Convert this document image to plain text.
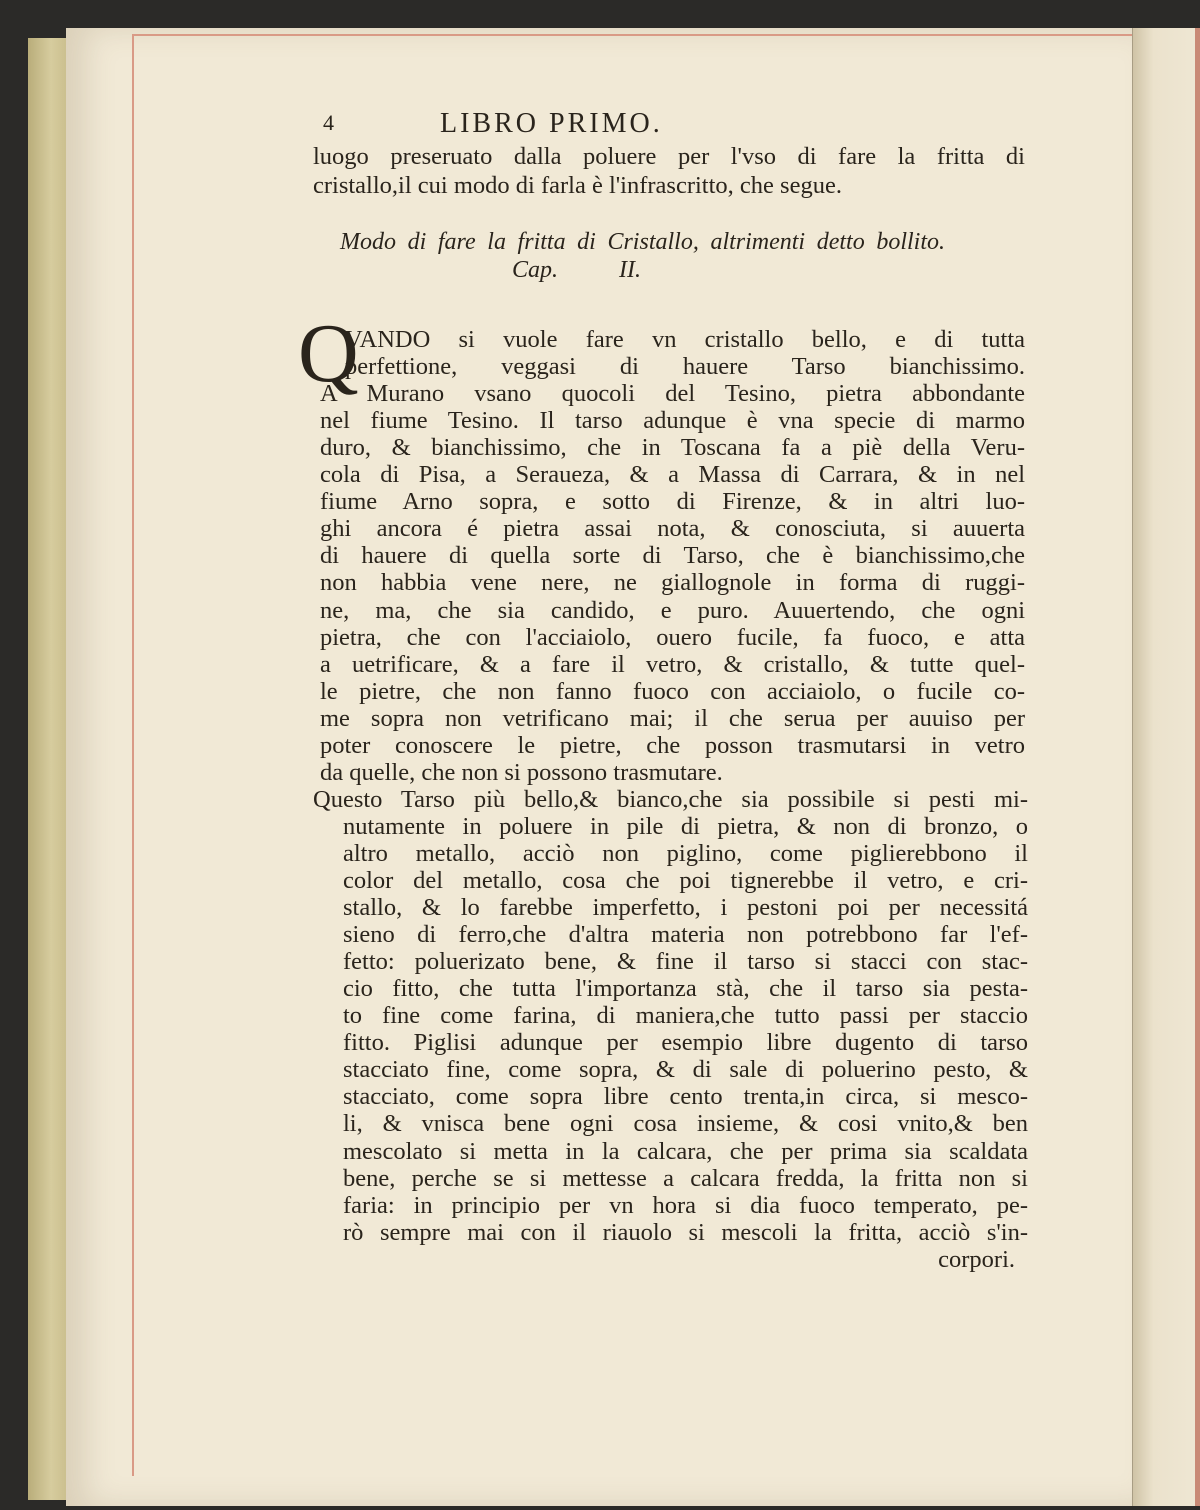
4	LIBRO PRIMO.
luogo preseruato dalla poluere per l'vso di fare la fritta di
cristallo,il cui modo di farla è l'infrascritto, che segue.
VANDO si vuole fare vn cristallo bello, e di tutta
perfettione, veggasi di hauere Tarso bianchissimo.
A Murano vsano quocoli del Tesino, pietra abbondante
nel fiume Tesino. Il tarso adunque è vna specie di marmo
duro, & bianchissimo, che in Toscana fa a piè della Veru-
cola di Pisa, a Seraueza, & a Massa di Carrara, & in nel
fiume Arno sopra, e sotto di Firenze, & in altri luo-
ghi ancora é pietra assai nota, & conosciuta, si auuerta
di hauere di quella sorte di Tarso, che è bianchissimo,che
non habbia vene nere, ne giallognole in forma di ruggi-
ne, ma, che sia candido, e puro. Auuertendo, che ogni
pietra, che con l'acciaiolo, ouero fucile, fa fuoco, e atta
a uetrificare, & a fare il vetro, & cristallo, & tutte quel-
le pietre, che non fanno fuoco con acciaiolo, o fucile co-
me sopra non vetrificano mai; il che serua per auuiso per
poter conoscere le pietre, che posson trasmutarsi in vetro
da quelle, che non si possono trasmutare.
Questo Tarso più bello,& bianco,che sia possibile si pesti mi-
nutamente in poluere in pile di pietra, & non di bronzo, o
altro metallo, acciò non piglino, come piglierebbono il
color del metallo, cosa che poi tignerebbe il vetro, e cri-
stallo, & lo farebbe imperfetto, i pestoni poi per necessitá
sieno di ferro,che d'altra materia non potrebbono far l'ef-
fetto: poluerizato bene, & fine il tarso si stacci con stac-
cio fitto, che tutta l'importanza stà, che il tarso sia pesta-
to fine come farina, di maniera,che tutto passi per staccio
fitto. Piglisi adunque per esempio libre dugento di tarso
stacciato fine, come sopra, & di sale di poluerino pesto, &
stacciato, come sopra libre cento trenta,in circa, si mesco-
li, & vnisca bene ogni cosa insieme, & cosi vnito,& ben
mescolato si metta in la calcara, che per prima sia scaldata
bene, perche se si mettesse a calcara fredda, la fritta non si
faria: in principio per vn hora si dia fuoco temperato, pe-
rò sempre mai con il riauolo si mescoli la fritta, acciò s'in-
corpori.
Modo di fare la fritta di Cristallo, altrimenti detto bollito.
Cap. II.
Q
